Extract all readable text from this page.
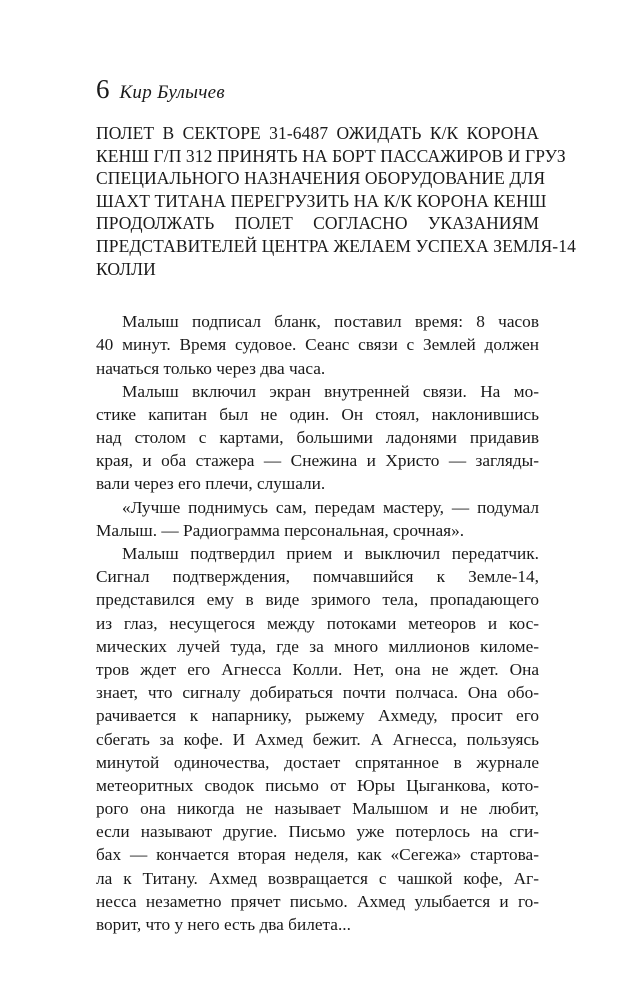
6 Кир Булычев
ПОЛЕТ В СЕКТОРЕ 31-6487 ОЖИДАТЬ К/К КОРОНА
КЕНШ Г/П 312 ПРИНЯТЬ НА БОРТ ПАССАЖИРОВ И ГРУЗ
СПЕЦИАЛЬНОГО НАЗНАЧЕНИЯ ОБОРУДОВАНИЕ ДЛЯ
ШАХТ ТИТАНА ПЕРЕГРУЗИТЬ НА К/К КОРОНА КЕНШ
ПРОДОЛЖАТЬ ПОЛЕТ СОГЛАСНО УКАЗАНИЯМ
ПРЕДСТАВИТЕЛЕЙ ЦЕНТРА ЖЕЛАЕМ УСПЕХА ЗЕМЛЯ-14
КОЛЛИ
Малыш подписал бланк, поставил время: 8 часов
40 минут. Время судовое. Сеанс связи с Землей должен
начаться только через два часа.
Малыш включил экран внутренней связи. На мо-
стике капитан был не один. Он стоял, наклонившись
над столом с картами, большими ладонями придавив
края, и оба стажера — Снежина и Христо — загляды-
вали через его плечи, слушали.
«Лучше поднимусь сам, передам мастеру, — подумал
Малыш. — Радиограмма персональная, срочная».
Малыш подтвердил прием и выключил передатчик.
Сигнал подтверждения, помчавшийся к Земле-14,
представился ему в виде зримого тела, пропадающего
из глаз, несущегося между потоками метеоров и кос-
мических лучей туда, где за много миллионов киломе-
тров ждет его Агнесса Колли. Нет, она не ждет. Она
знает, что сигналу добираться почти полчаса. Она обо-
рачивается к напарнику, рыжему Ахмеду, просит его
сбегать за кофе. И Ахмед бежит. А Агнесса, пользуясь
минутой одиночества, достает спрятанное в журнале
метеоритных сводок письмо от Юры Цыганкова, кото-
рого она никогда не называет Малышом и не любит,
если называют другие. Письмо уже потерлось на сги-
бах — кончается вторая неделя, как «Сегежа» стартова-
ла к Титану. Ахмед возвращается с чашкой кофе, Аг-
несса незаметно прячет письмо. Ахмед улыбается и го-
ворит, что у него есть два билета...
